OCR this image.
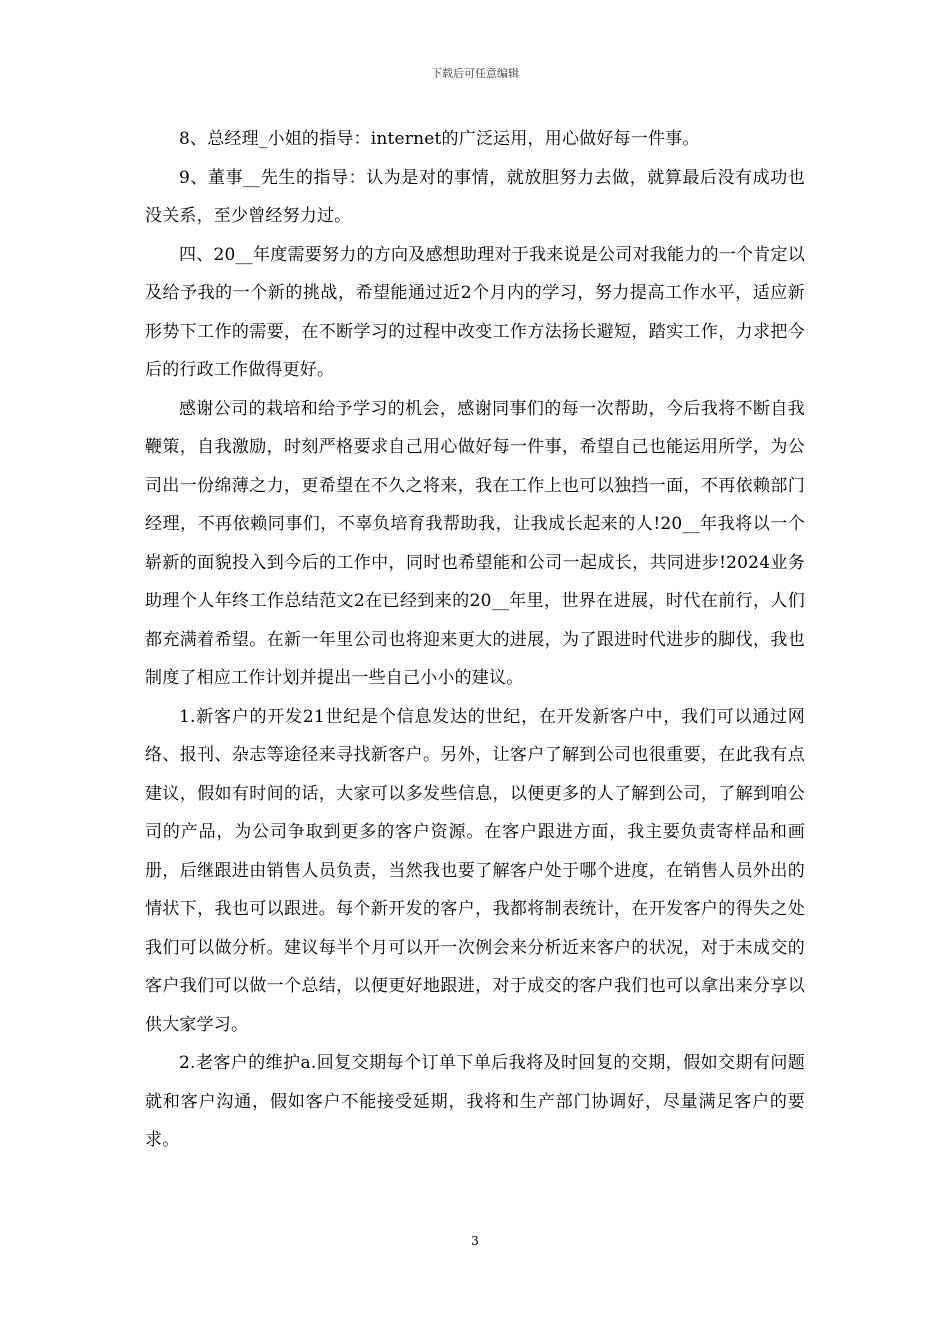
下载后可任意编辑

8、总经理_小姐的指导：internet的广泛运用，用心做好每一件事。

9、董事__先生的指导：认为是对的事情，就放胆努力去做，就算最后没有成功也没关系，至少曾经努力过。

四、20__年度需要努力的方向及感想助理对于我来说是公司对我能力的一个肯定以及给予我的一个新的挑战，希望能通过近2个月内的学习，努力提高工作水平，适应新形势下工作的需要，在不断学习的过程中改变工作方法扬长避短，踏实工作，力求把今后的行政工作做得更好。

感谢公司的栽培和给予学习的机会，感谢同事们的每一次帮助，今后我将不断自我鞭策，自我激励，时刻严格要求自己用心做好每一件事，希望自己也能运用所学，为公司出一份绵薄之力，更希望在不久之将来，我在工作上也可以独挡一面，不再依赖部门经理，不再依赖同事们，不辜负培育我帮助我，让我成长起来的人!20__年我将以一个崭新的面貌投入到今后的工作中，同时也希望能和公司一起成长，共同进步!2024业务助理个人年终工作总结范文2在已经到来的20__年里，世界在进展，时代在前行，人们都充满着希望。在新一年里公司也将迎来更大的进展，为了跟进时代进步的脚伐，我也制度了相应工作计划并提出一些自己小小的建议。

1.新客户的开发21世纪是个信息发达的世纪，在开发新客户中，我们可以通过网络、报刊、杂志等途径来寻找新客户。另外，让客户了解到公司也很重要，在此我有点建议，假如有时间的话，大家可以多发些信息，以便更多的人了解到公司，了解到咱公司的产品，为公司争取到更多的客户资源。在客户跟进方面，我主要负责寄样品和画册，后继跟进由销售人员负责，当然我也要了解客户处于哪个进度，在销售人员外出的情状下，我也可以跟进。每个新开发的客户，我都将制表统计，在开发客户的得失之处我们可以做分析。建议每半个月可以开一次例会来分析近来客户的状况，对于未成交的客户我们可以做一个总结，以便更好地跟进，对于成交的客户我们也可以拿出来分享以供大家学习。

2.老客户的维护a.回复交期每个订单下单后我将及时回复的交期，假如交期有问题就和客户沟通，假如客户不能接受延期，我将和生产部门协调好，尽量满足客户的要求。

3
